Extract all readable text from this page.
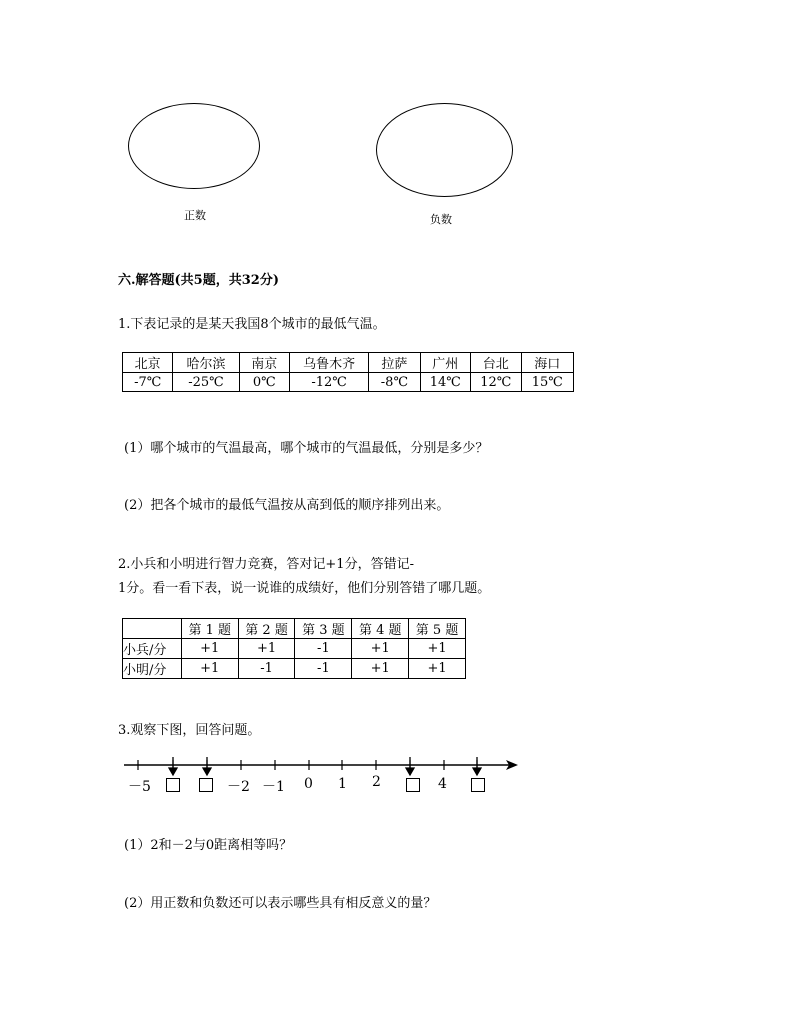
正数	负数
六.解答题(共5题，共32分)
1.下表记录的是某天我国8个城市的最低气温。
北京	哈尔滨	南京	乌鲁木齐	拉萨	广州	台北	海口
-7℃	-25℃	0℃	-12℃	-8℃	14℃	12℃	15℃
(1）哪个城市的气温最高，哪个城市的气温最低，分别是多少？
(2）把各个城市的最低气温按从高到低的顺序排列出来。
2.小兵和小明进行智力竞赛，答对记+1分，答错记-
1分。看一看下表，说一说谁的成绩好，他们分别答错了哪几题。
	第 1 题	第 2 题	第 3 题	第 4 题	第 5 题
小兵/分	+1	+1	-1	+1	+1
小明/分	+1	-1	-1	+1	+1
3.观察下图，回答问题。
－5	－2 －1 0 1 2	4
(1）2和－2与0距离相等吗？
(2）用正数和负数还可以表示哪些具有相反意义的量？
